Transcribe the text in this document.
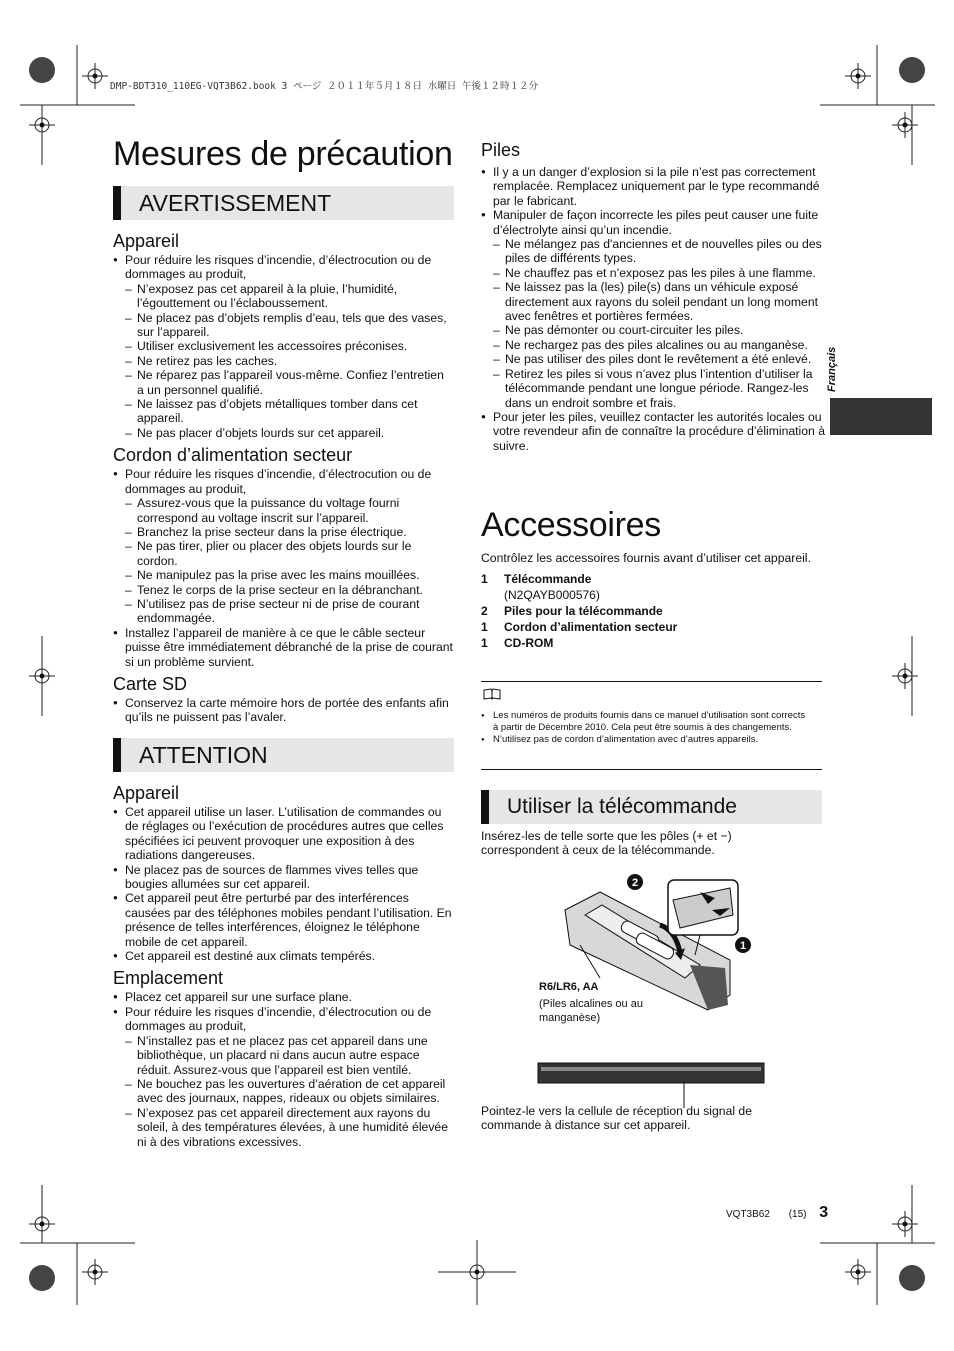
DMP-BDT310_110EG-VQT3B62.book 3 ページ ２０１１年５月１８日 水曜日 午後１２時１２分
Français
Mesures de précaution
AVERTISSEMENT
Appareil
● Pour réduire les risques d’incendie, d’électrocution ou de dommages au produit,
– N’exposez pas cet appareil à la pluie, l’humidité, l’égouttement ou l’éclaboussement.
– Ne placez pas d’objets remplis d’eau, tels que des vases, sur l’appareil.
– Utiliser exclusivement les accessoires préconises.
– Ne retirez pas les caches.
– Ne réparez pas l’appareil vous-même. Confiez l’entretien a un personnel qualifié.
– Ne laissez pas d’objets métalliques tomber dans cet appareil.
– Ne pas placer d’objets lourds sur cet appareil.
Cordon d’alimentation secteur
● Pour réduire les risques d’incendie, d’électrocution ou de dommages au produit,
– Assurez-vous que la puissance du voltage fourni correspond au voltage inscrit sur l’appareil.
– Branchez la prise secteur dans la prise électrique.
– Ne pas tirer, plier ou placer des objets lourds sur le cordon.
– Ne manipulez pas la prise avec les mains mouillées.
– Tenez le corps de la prise secteur en la débranchant.
– N’utilisez pas de prise secteur ni de prise de courant endommagée.
● Installez l’appareil de manière à ce que le câble secteur puisse être immédiatement débranché de la prise de courant si un problème survient.
Carte SD
● Conservez la carte mémoire hors de portée des enfants afin qu’ils ne puissent pas l’avaler.
ATTENTION
Appareil
● Cet appareil utilise un laser. L’utilisation de commandes ou de réglages ou l’exécution de procédures autres que celles spécifiées ici peuvent provoquer une exposition à des radiations dangereuses.
● Ne placez pas de sources de flammes vives telles que bougies allumées sur cet appareil.
● Cet appareil peut être perturbé par des interférences causées par des téléphones mobiles pendant l’utilisation. En présence de telles interférences, éloignez le téléphone mobile de cet appareil.
● Cet appareil est destiné aux climats tempérés.
Emplacement
● Placez cet appareil sur une surface plane.
● Pour réduire les risques d’incendie, d’électrocution ou de dommages au produit,
– N’installez pas et ne placez pas cet appareil dans une bibliothèque, un placard ni dans aucun autre espace réduit. Assurez-vous que l’appareil est bien ventilé.
– Ne bouchez pas les ouvertures d’aération de cet appareil avec des journaux, nappes, rideaux ou objets similaires.
– N’exposez pas cet appareil directement aux rayons du soleil, à des températures élevées, à une humidité élevée ni à des vibrations excessives.
Piles
● Il y a un danger d’explosion si la pile n’est pas correctement remplacée. Remplacez uniquement par le type recommandé par le fabricant.
● Manipuler de façon incorrecte les piles peut causer une fuite d’électrolyte ainsi qu’un incendie.
– Ne mélangez pas d'anciennes et de nouvelles piles ou des piles de différents types.
– Ne chauffez pas et n’exposez pas les piles à une flamme.
– Ne laissez pas la (les) pile(s) dans un véhicule exposé directement aux rayons du soleil pendant un long moment avec fenêtres et portières fermées.
– Ne pas démonter ou court-circuiter les piles.
– Ne rechargez pas des piles alcalines ou au manganèse.
– Ne pas utiliser des piles dont le revêtement a été enlevé.
– Retirez les piles si vous n’avez plus l’intention d’utiliser la télécommande pendant une longue période. Rangez-les dans un endroit sombre et frais.
● Pour jeter les piles, veuillez contacter les autorités locales ou votre revendeur afin de connaître la procédure d’élimination à suivre.
Accessoires
Contrôlez les accessoires fournis avant d’utiliser cet appareil.
1	Télécommande
(N2QAYB000576)
2	Piles pour la télécommande
1	Cordon d’alimentation secteur
1	CD-ROM
● Les numéros de produits fournis dans ce manuel d’utilisation sont corrects à partir de Décembre 2010. Cela peut être soumis à des changements.
● N’utilisez pas de cordon d’alimentation avec d’autres appareils.
Utiliser la télécommande
Insérez-les de telle sorte que les pôles (+ et −) correspondent à ceux de la télécommande.
2
1
R6/LR6, AA
(Piles alcalines ou au manganèse)
Pointez-le vers la cellule de réception du signal de commande à distance sur cet appareil.
VQT3B62 (15) 3
